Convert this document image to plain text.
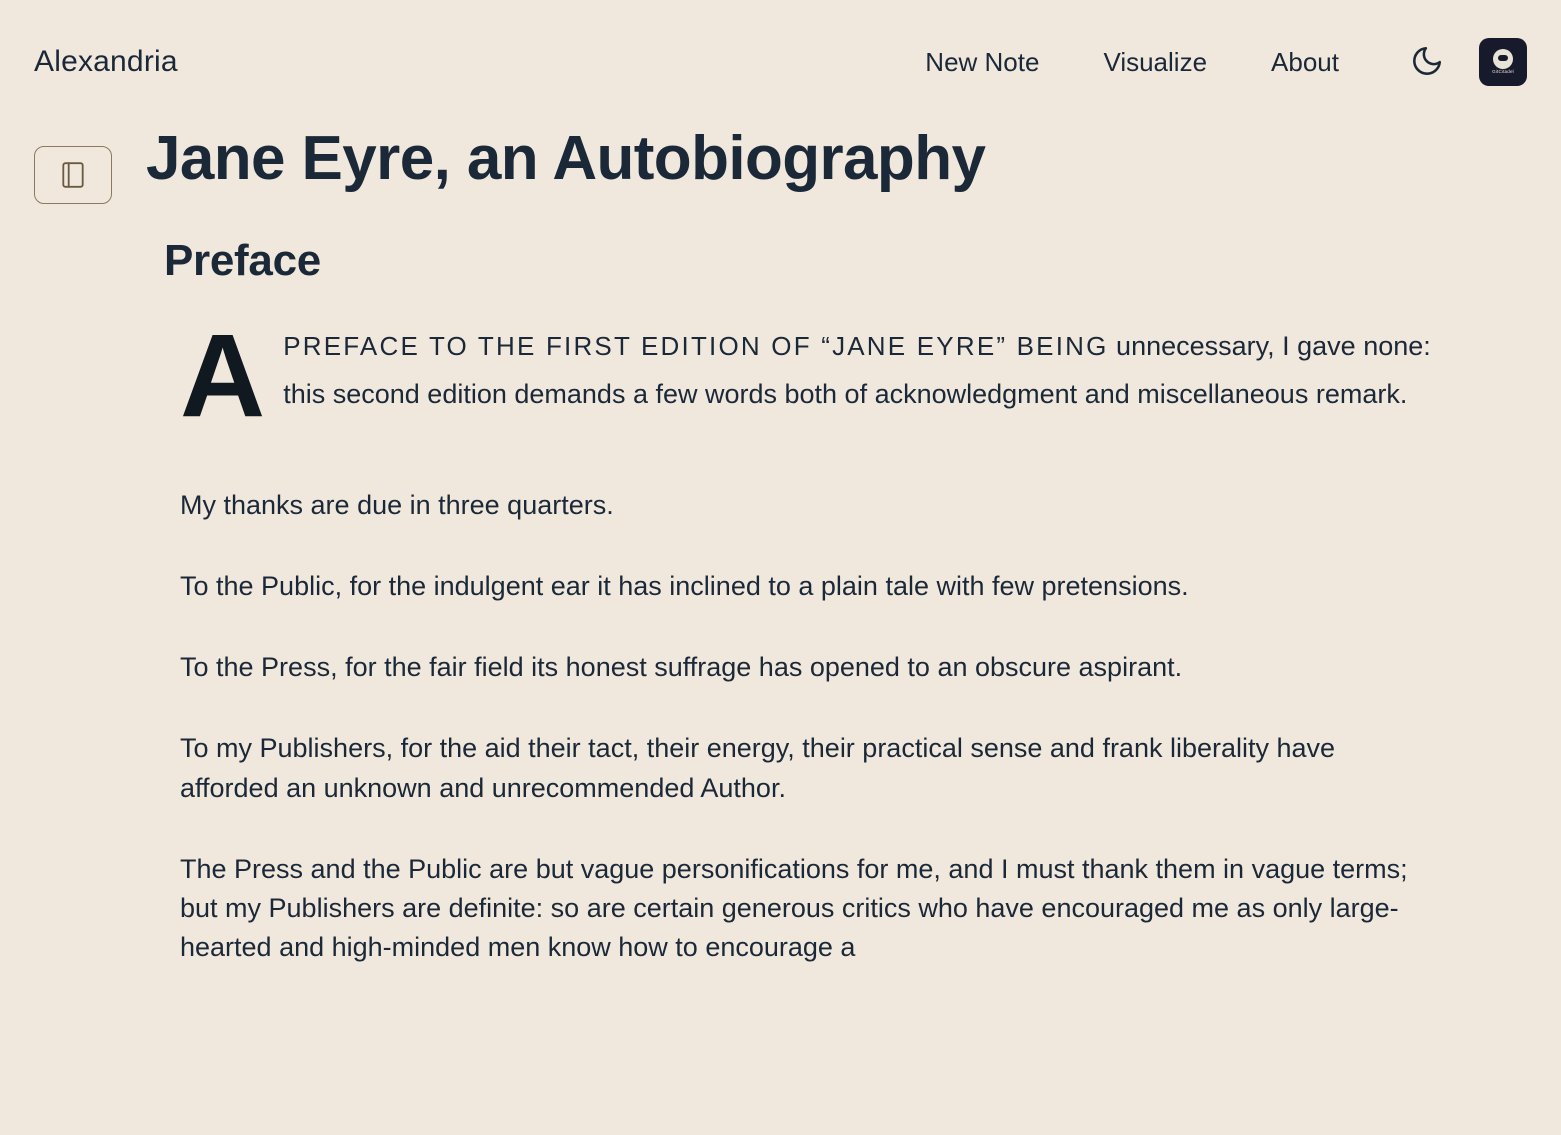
Alexandria	New Note	Visualize	About	GitCitadel
Jane Eyre, an Autobiography
Preface
A PREFACE TO THE FIRST EDITION OF “JANE EYRE” BEING unnecessary, I gave none: this second edition demands a few words both of acknowledgment and miscellaneous remark.

My thanks are due in three quarters.

To the Public, for the indulgent ear it has inclined to a plain tale with few pretensions.

To the Press, for the fair field its honest suffrage has opened to an obscure aspirant.

To my Publishers, for the aid their tact, their energy, their practical sense and frank liberality have afforded an unknown and unrecommended Author.

The Press and the Public are but vague personifications for me, and I must thank them in vague terms; but my Publishers are definite: so are certain generous critics who have encouraged me as only large-hearted and high-minded men know how to encourage a
